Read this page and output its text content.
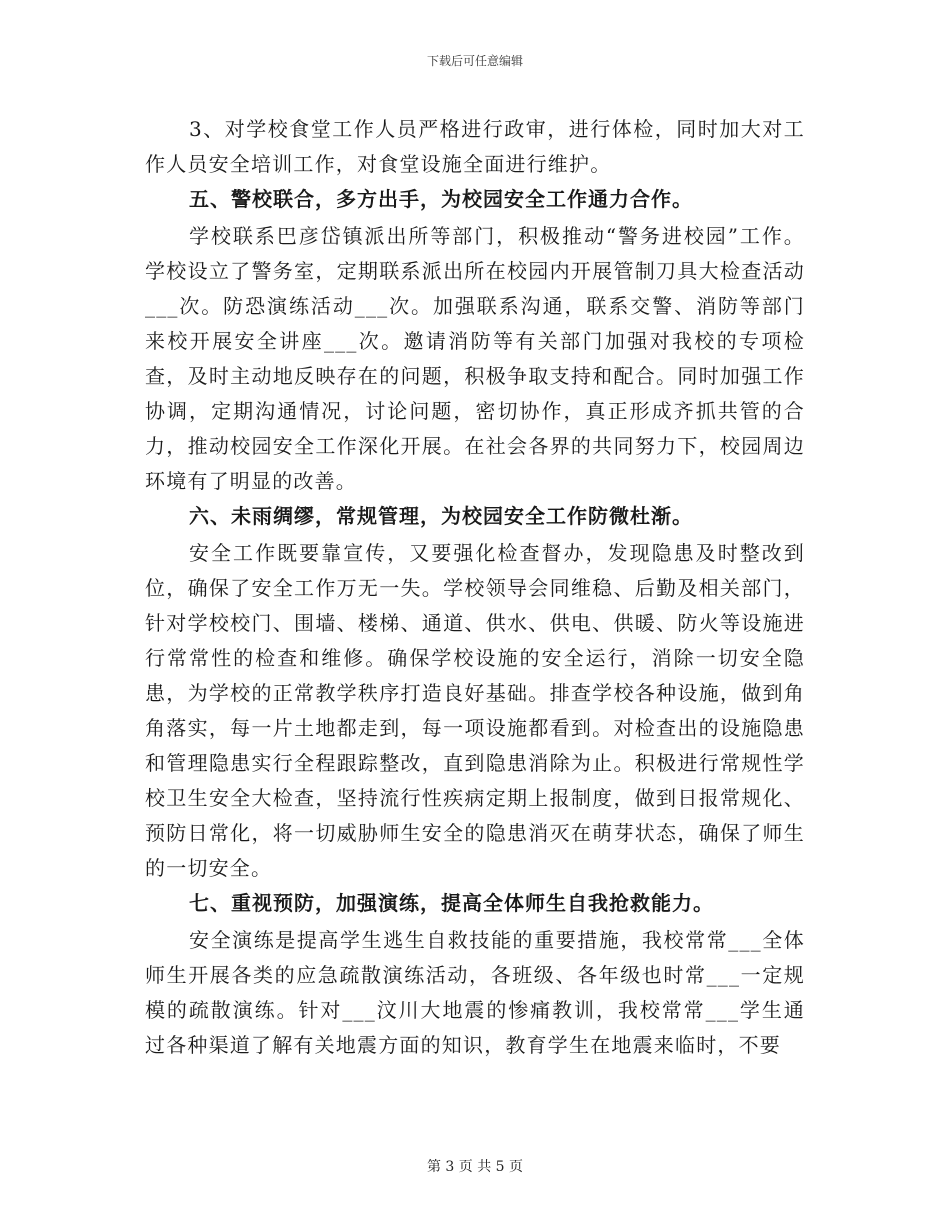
下载后可任意编辑

3、对学校食堂工作人员严格进行政审，进行体检，同时加大对工作人员安全培训工作，对食堂设施全面进行维护。

五、警校联合，多方出手，为校园安全工作通力合作。

学校联系巴彦岱镇派出所等部门，积极推动“警务进校园”工作。学校设立了警务室，定期联系派出所在校园内开展管制刀具大检查活动___次。防恐演练活动___次。加强联系沟通，联系交警、消防等部门来校开展安全讲座___次。邀请消防等有关部门加强对我校的专项检查，及时主动地反映存在的问题，积极争取支持和配合。同时加强工作协调，定期沟通情况，讨论问题，密切协作，真正形成齐抓共管的合力，推动校园安全工作深化开展。在社会各界的共同努力下，校园周边环境有了明显的改善。

六、未雨绸缪，常规管理，为校园安全工作防微杜渐。

安全工作既要靠宣传，又要强化检查督办，发现隐患及时整改到位，确保了安全工作万无一失。学校领导会同维稳、后勤及相关部门，针对学校校门、围墙、楼梯、通道、供水、供电、供暖、防火等设施进行常常性的检查和维修。确保学校设施的安全运行，消除一切安全隐患，为学校的正常教学秩序打造良好基础。排查学校各种设施，做到角角落实，每一片土地都走到，每一项设施都看到。对检查出的设施隐患和管理隐患实行全程跟踪整改，直到隐患消除为止。积极进行常规性学校卫生安全大检查，坚持流行性疾病定期上报制度，做到日报常规化、预防日常化，将一切威胁师生安全的隐患消灭在萌芽状态，确保了师生的一切安全。

七、重视预防，加强演练，提高全体师生自我抢救能力。

安全演练是提高学生逃生自救技能的重要措施，我校常常___全体师生开展各类的应急疏散演练活动，各班级、各年级也时常___一定规模的疏散演练。针对___汶川大地震的惨痛教训，我校常常___学生通过各种渠道了解有关地震方面的知识，教育学生在地震来临时，不要

第 3 页 共 5 页
